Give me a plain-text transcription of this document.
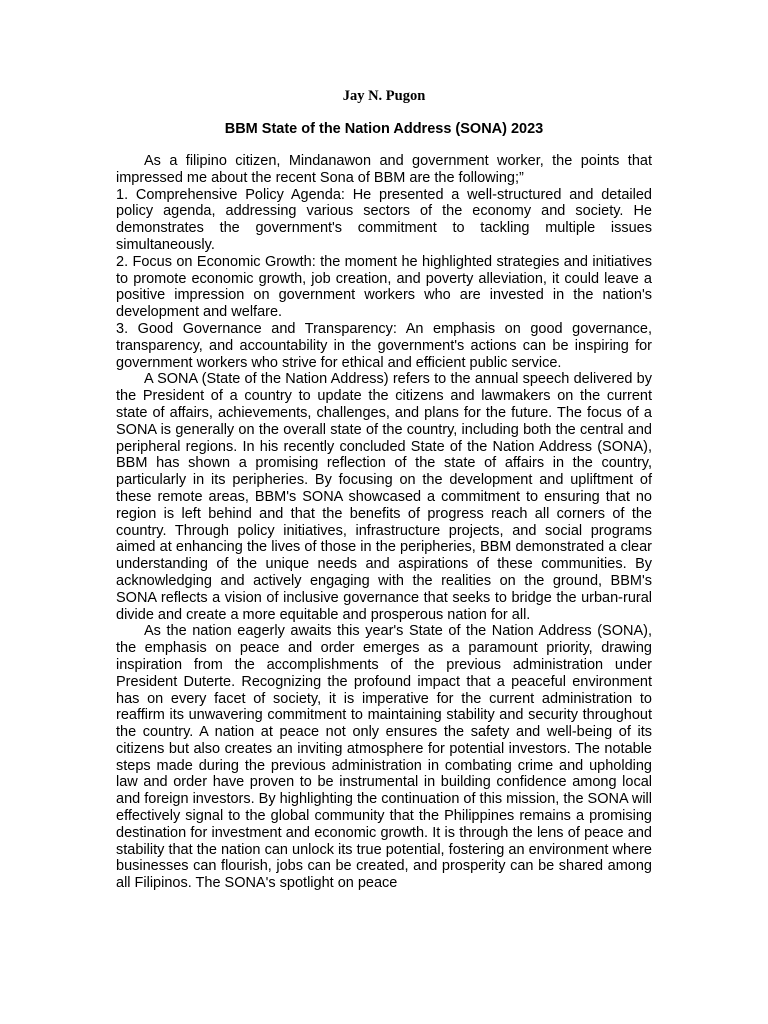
Jay N. Pugon

BBM State of the Nation Address (SONA) 2023

As a filipino citizen, Mindanawon and government worker, the points that impressed me about the recent Sona of BBM are the following;”

1. Comprehensive Policy Agenda: He presented a well-structured and detailed policy agenda, addressing various sectors of the economy and society. He demonstrates the government's commitment to tackling multiple issues simultaneously.

2. Focus on Economic Growth: the moment he highlighted strategies and initiatives to promote economic growth, job creation, and poverty alleviation, it could leave a positive impression on government workers who are invested in the nation's development and welfare.

3. Good Governance and Transparency: An emphasis on good governance, transparency, and accountability in the government's actions can be inspiring for government workers who strive for ethical and efficient public service.

A SONA (State of the Nation Address) refers to the annual speech delivered by the President of a country to update the citizens and lawmakers on the current state of affairs, achievements, challenges, and plans for the future. The focus of a SONA is generally on the overall state of the country, including both the central and peripheral regions. In his recently concluded State of the Nation Address (SONA), BBM has shown a promising reflection of the state of affairs in the country, particularly in its peripheries. By focusing on the development and upliftment of these remote areas, BBM's SONA showcased a commitment to ensuring that no region is left behind and that the benefits of progress reach all corners of the country. Through policy initiatives, infrastructure projects, and social programs aimed at enhancing the lives of those in the peripheries, BBM demonstrated a clear understanding of the unique needs and aspirations of these communities. By acknowledging and actively engaging with the realities on the ground, BBM's SONA reflects a vision of inclusive governance that seeks to bridge the urban-rural divide and create a more equitable and prosperous nation for all.

As the nation eagerly awaits this year's State of the Nation Address (SONA), the emphasis on peace and order emerges as a paramount priority, drawing inspiration from the accomplishments of the previous administration under President Duterte. Recognizing the profound impact that a peaceful environment has on every facet of society, it is imperative for the current administration to reaffirm its unwavering commitment to maintaining stability and security throughout the country. A nation at peace not only ensures the safety and well-being of its citizens but also creates an inviting atmosphere for potential investors. The notable steps made during the previous administration in combating crime and upholding law and order have proven to be instrumental in building confidence among local and foreign investors. By highlighting the continuation of this mission, the SONA will effectively signal to the global community that the Philippines remains a promising destination for investment and economic growth. It is through the lens of peace and stability that the nation can unlock its true potential, fostering an environment where businesses can flourish, jobs can be created, and prosperity can be shared among all Filipinos. The SONA's spotlight on peace
